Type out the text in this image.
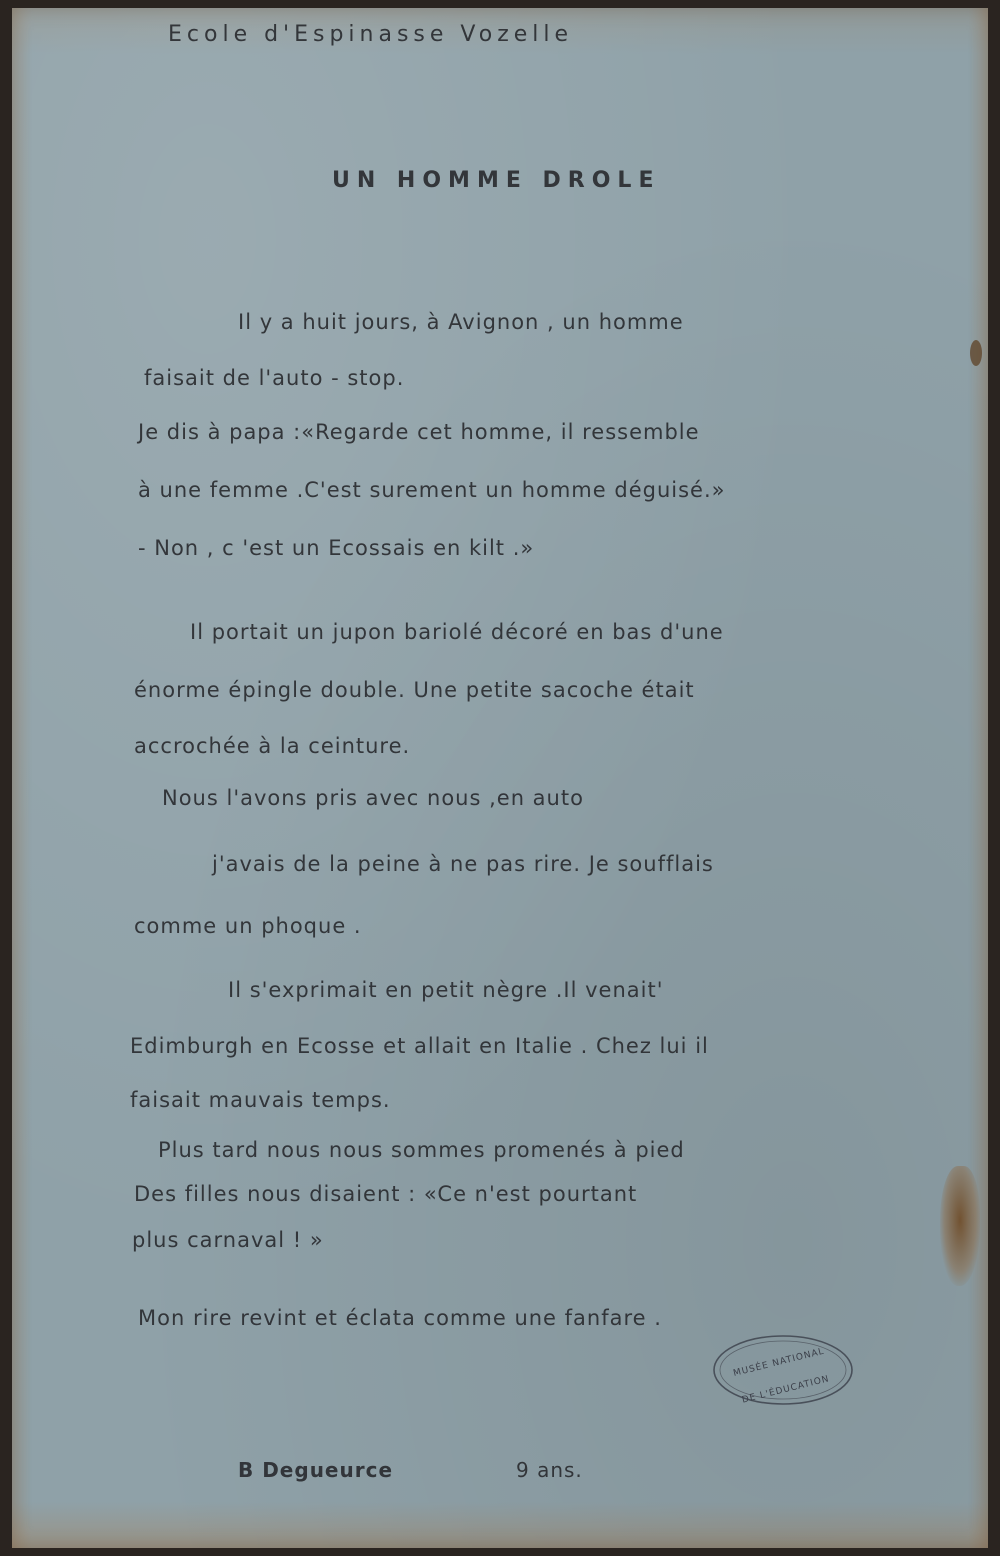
Ecole d'Espinasse Vozelle
UN HOMME DROLE
Il y a huit jours, à Avignon , un homme
faisait de l'auto - stop.
Je dis à papa :«Regarde cet homme, il ressemble
à une femme .C'est surement un homme déguisé.»
- Non , c 'est un Ecossais en kilt .»
Il portait un jupon bariolé décoré en bas d'une
énorme épingle double. Une petite sacoche était
accrochée à la ceinture.
Nous l'avons pris avec nous ,en auto
j'avais de la peine à ne pas rire. Je soufflais
comme un phoque .
Il s'exprimait en petit nègre .Il venait'
Edimburgh en Ecosse et allait en Italie . Chez lui il
faisait mauvais temps.
Plus tard nous nous sommes promenés à pied
Des filles nous disaient : «Ce n'est pourtant
plus carnaval ! »
Mon rire revint et éclata comme une fanfare .
B Degueurce	9 ans.
MUSÉE NATIONAL
DE L'ÉDUCATION
